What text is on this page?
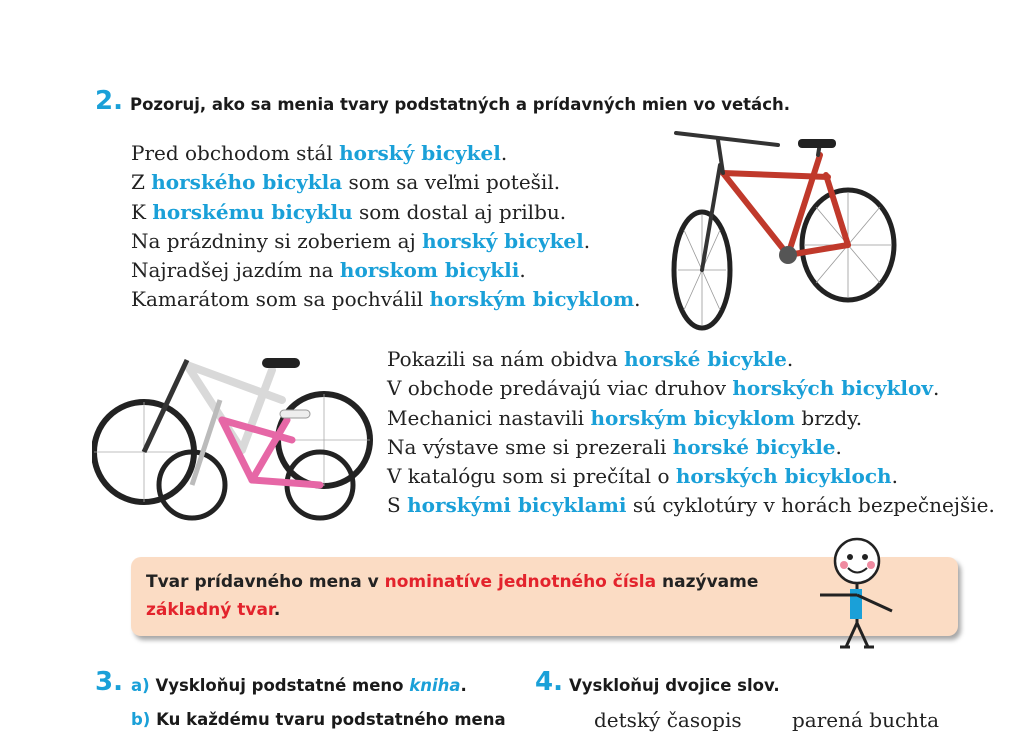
2. Pozoruj, ako sa menia tvary podstatných a prídavných mien vo vetách.
Pred obchodom stál horský bicykel.
Z horského bicykla som sa veľmi potešil.
K horskému bicyklu som dostal aj prilbu.
Na prázdniny si zoberiem aj horský bicykel.
Najradšej jazdím na horskom bicykli.
Kamarátom som sa pochválil horským bicyklom.
Pokazili sa nám obidva horské bicykle.
V obchode predávajú viac druhov horských bicyklov.
Mechanici nastavili horským bicyklom brzdy.
Na výstave sme si prezerali horské bicykle.
V katalógu som si prečítal o horských bicykloch.
S horskými bicyklami sú cyklotúry v horách bezpečnejšie.
Tvar prídavného mena v nominatíve jednotného čísla nazývame
základný tvar.
3. a) Vyskloňuj podstatné meno kniha.
b) Ku každému tvaru podstatného mena
4. Vyskloňuj dvojice slov.
detský časopis	parená buchta
